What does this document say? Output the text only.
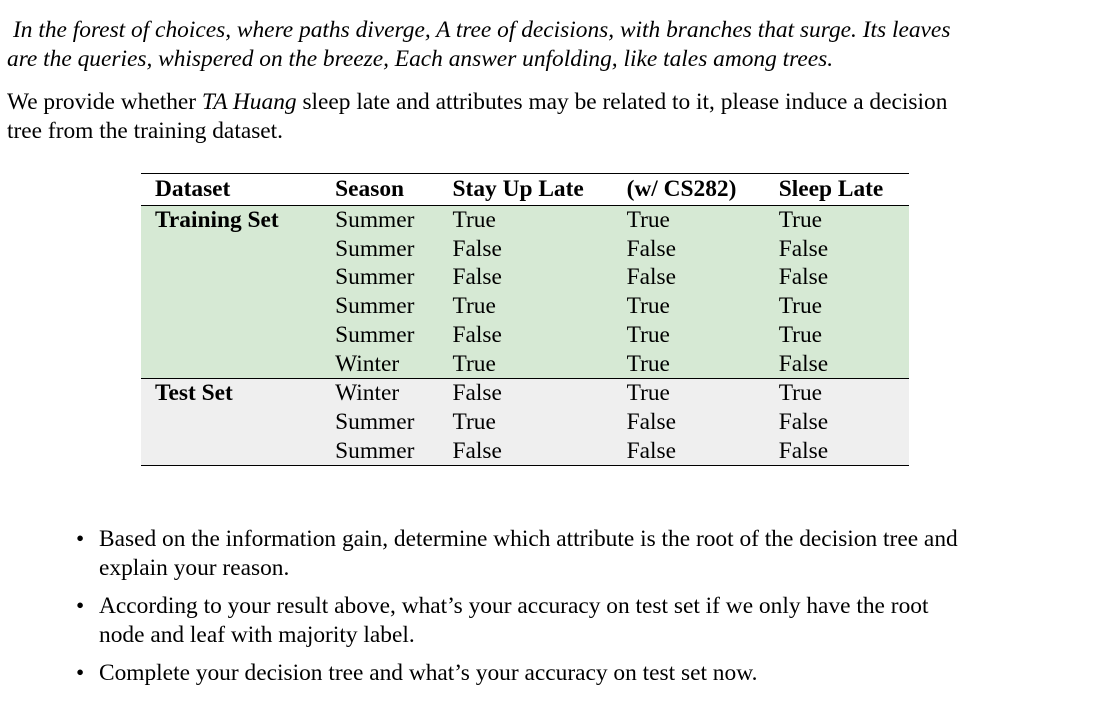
In the forest of choices, where paths diverge, A tree of decisions, with branches that surge. Its leaves
are the queries, whispered on the breeze, Each answer unfolding, like tales among trees.
We provide whether TA Huang sleep late and attributes may be related to it, please induce a decision
tree from the training dataset.
Dataset	Season	Stay Up Late	(w/ CS282)	Sleep Late
Training Set	Summer	True	True	True
	Summer	False	False	False
	Summer	False	False	False
	Summer	True	True	True
	Summer	False	True	True
	Winter	True	True	False
Test Set	Winter	False	True	True
	Summer	True	False	False
	Summer	False	False	False
• Based on the information gain, determine which attribute is the root of the decision tree and
explain your reason.
• According to your result above, what’s your accuracy on test set if we only have the root
node and leaf with majority label.
• Complete your decision tree and what’s your accuracy on test set now.
